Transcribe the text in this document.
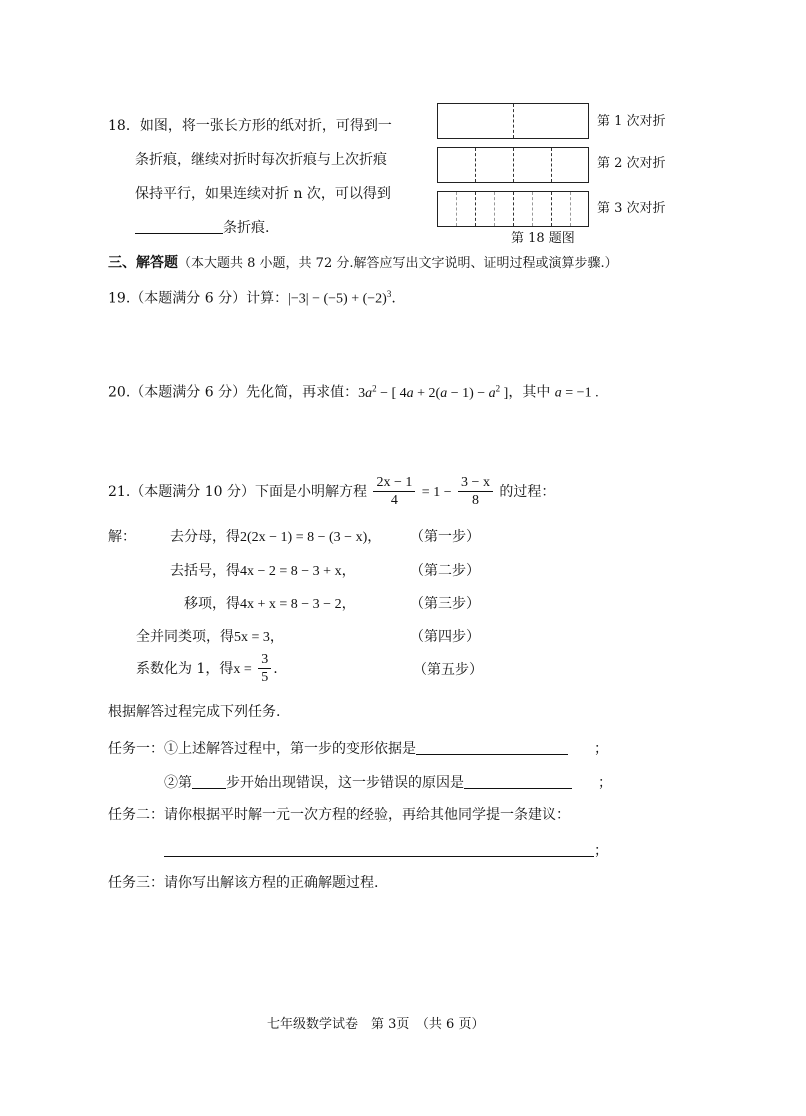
18．如图，将一张长方形的纸对折，可得到一
条折痕，继续对折时每次折痕与上次折痕
保持平行，如果连续对折 n 次，可以得到
条折痕.
第 1 次对折
第 2 次对折
第 3 次对折
第 18 题图
三、解答题（本大题共 8 小题，共 72 分.解答应写出文字说明、证明过程或演算步骤.）
19.（本题满分 6 分）计算：$|-3| - (-5) + (-2)^3$.
20.（本题满分 6 分）先化简，再求值：$3a^2$ − [ $4a + 2(a - 1) - a^2$ ]，其中 a = −1 .
21.（本题满分 10 分）下面是小明解方程 $\frac{2x - 1}{4} = 1 - \frac{3 - x}{8}$ 的过程：
解： 去分母，得2(2x − 1) = 8 − (3 − x)， （第一步）
去括号，得4x − 2 = 8 − 3 + x，	（第二步）
移项，得4x + x = 8 − 3 − 2，	（第三步）
全并同类项，得5x = 3，	（第四步）
系数化为 1，得$x = \frac{3}{5}$ .	（第五步）
根据解答过程完成下列任务.
任务一：①上述解答过程中，第一步的变形依据是	；
②第 步开始出现错误，这一步错误的原因是	；
任务二：请你根据平时解一元一次方程的经验，再给其他同学提一条建议：
；
任务三：请你写出解该方程的正确解题过程.
七年级数学试卷　第 3页　（共 6 页）
